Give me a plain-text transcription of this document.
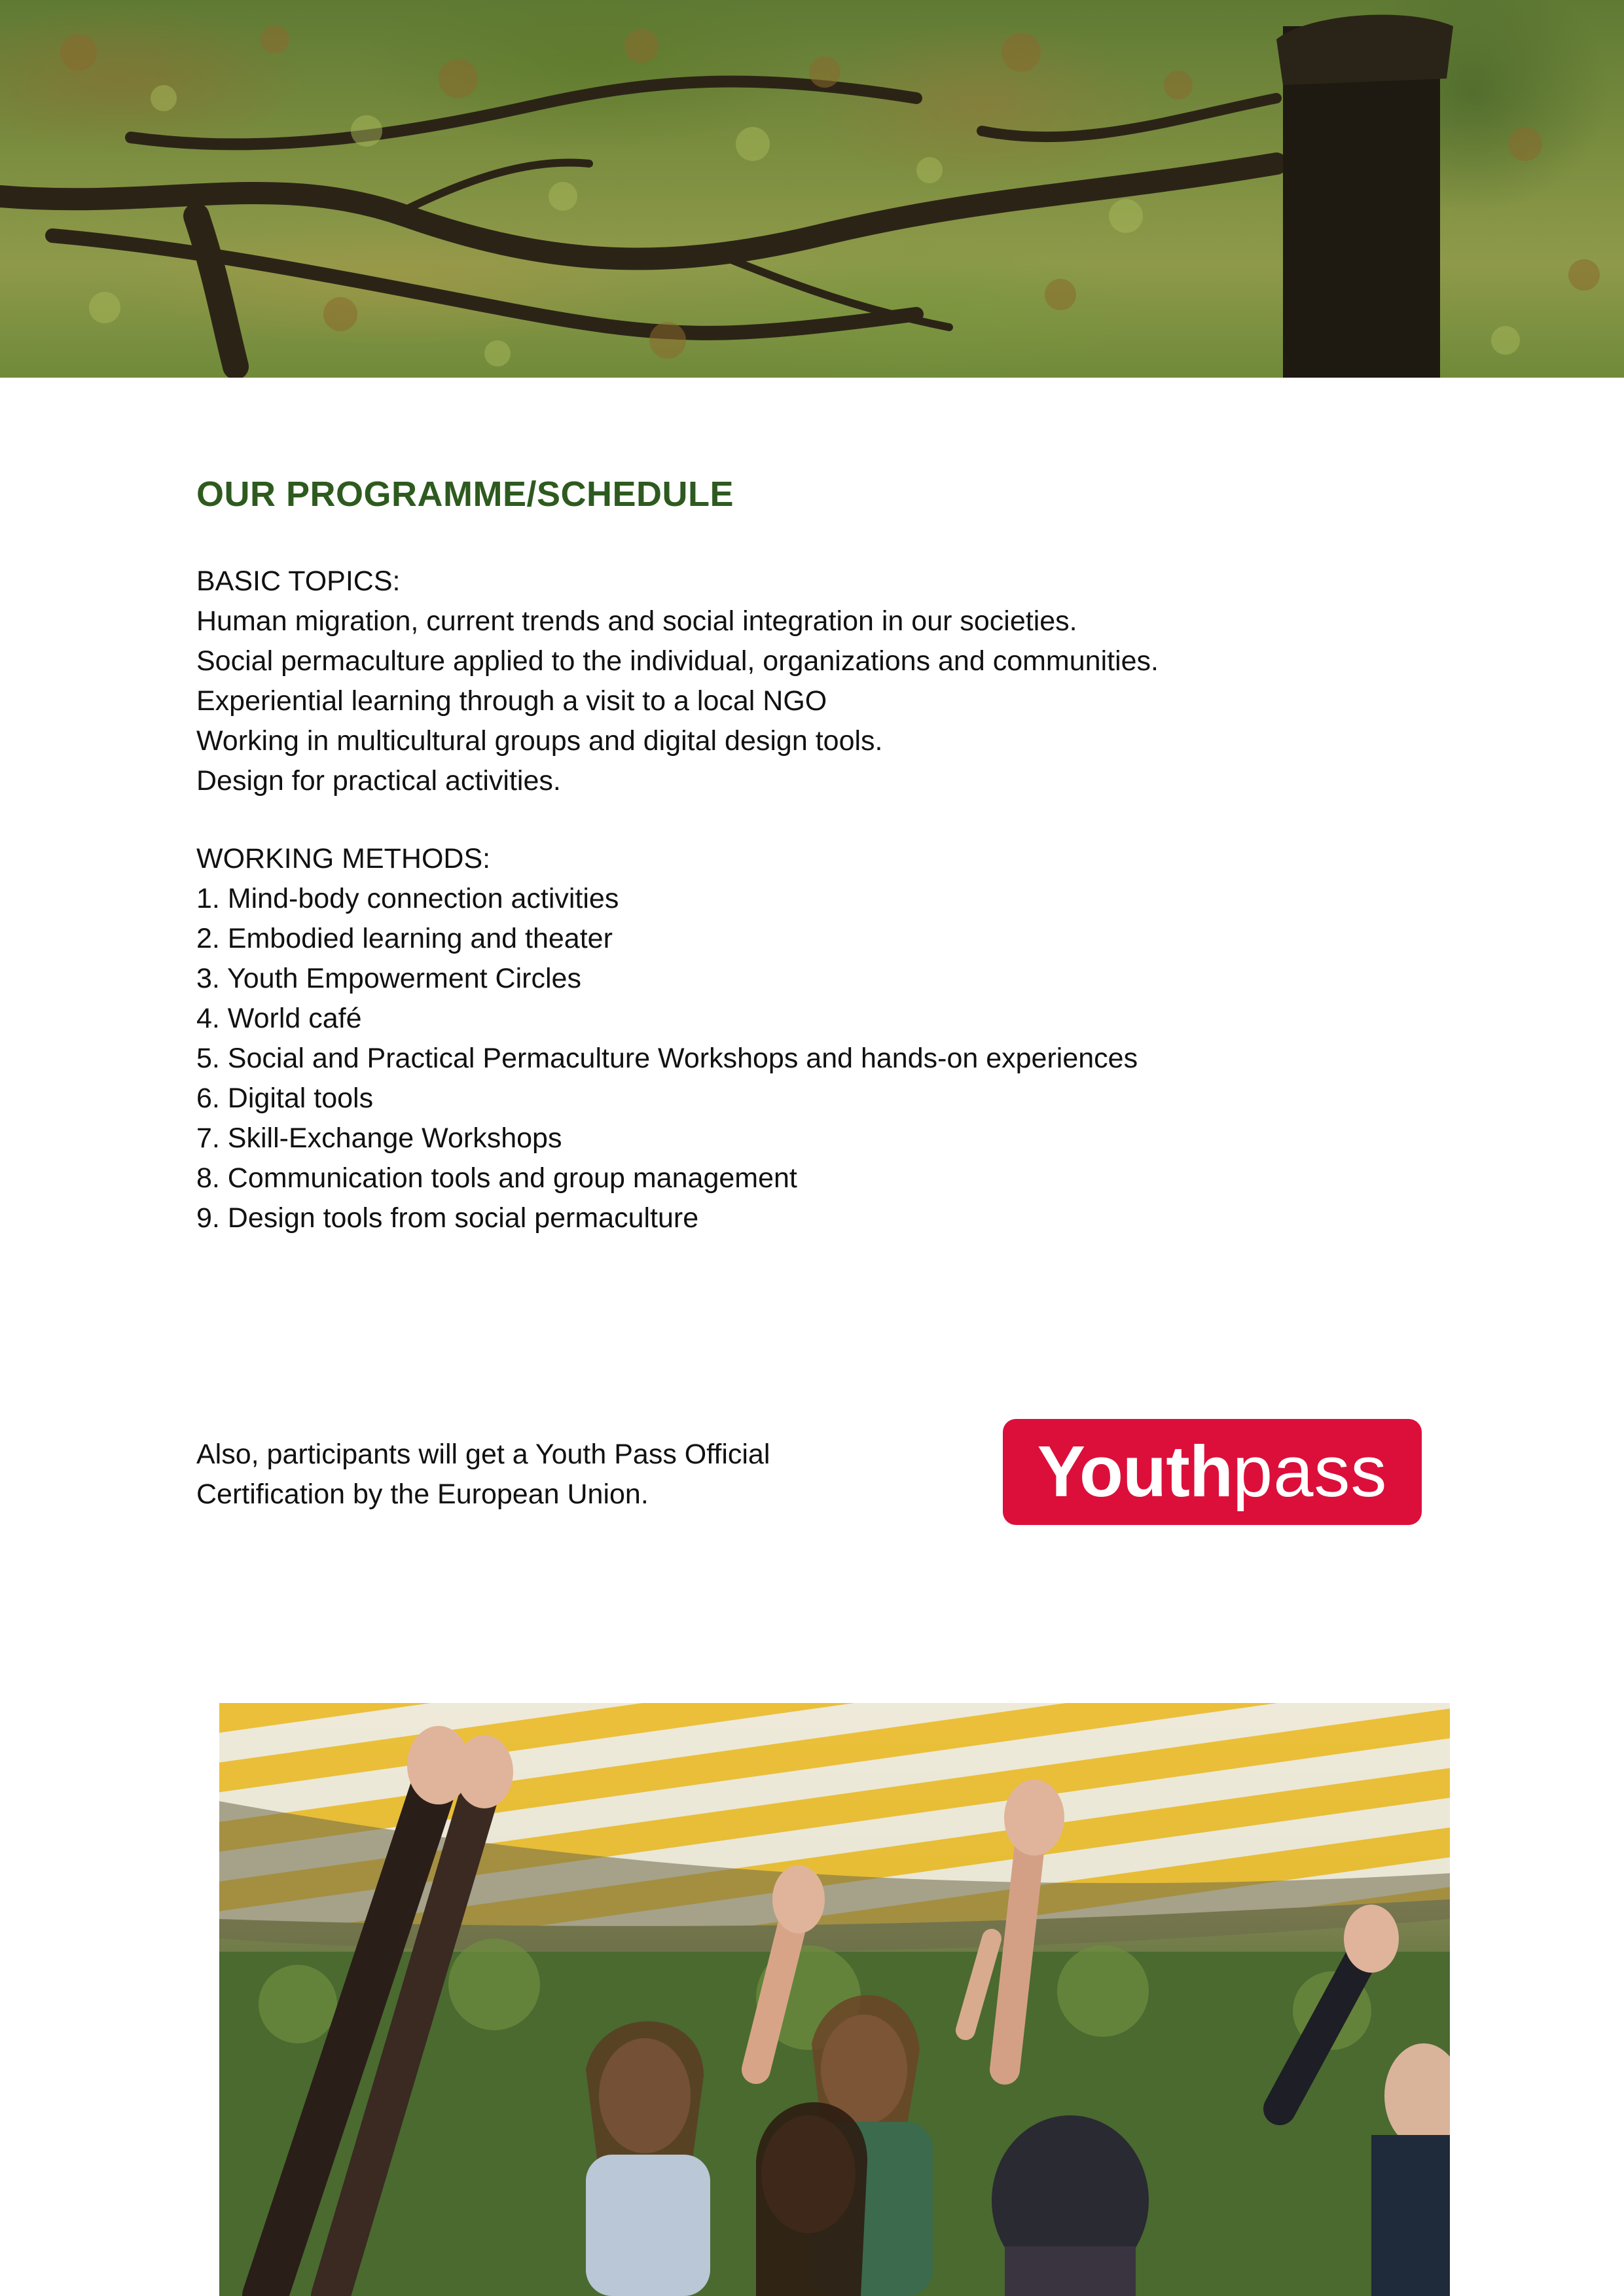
OUR PROGRAMME/SCHEDULE
BASIC TOPICS:
Human migration, current trends and social integration in our societies.
Social permaculture applied to the individual, organizations and communities.
Experiential learning through a visit to a local NGO
Working in multicultural groups and digital design tools.
Design for practical activities.
WORKING METHODS:
1. Mind-body connection activities
2. Embodied learning and theater
3. Youth Empowerment Circles
4. World café
5. Social and Practical Permaculture Workshops and hands-on experiences
6. Digital tools
7. Skill-Exchange Workshops
8. Communication tools and group management
9. Design tools from social permaculture
Also, participants will get a Youth Pass Official
Certification by the European Union.	Youth pass
